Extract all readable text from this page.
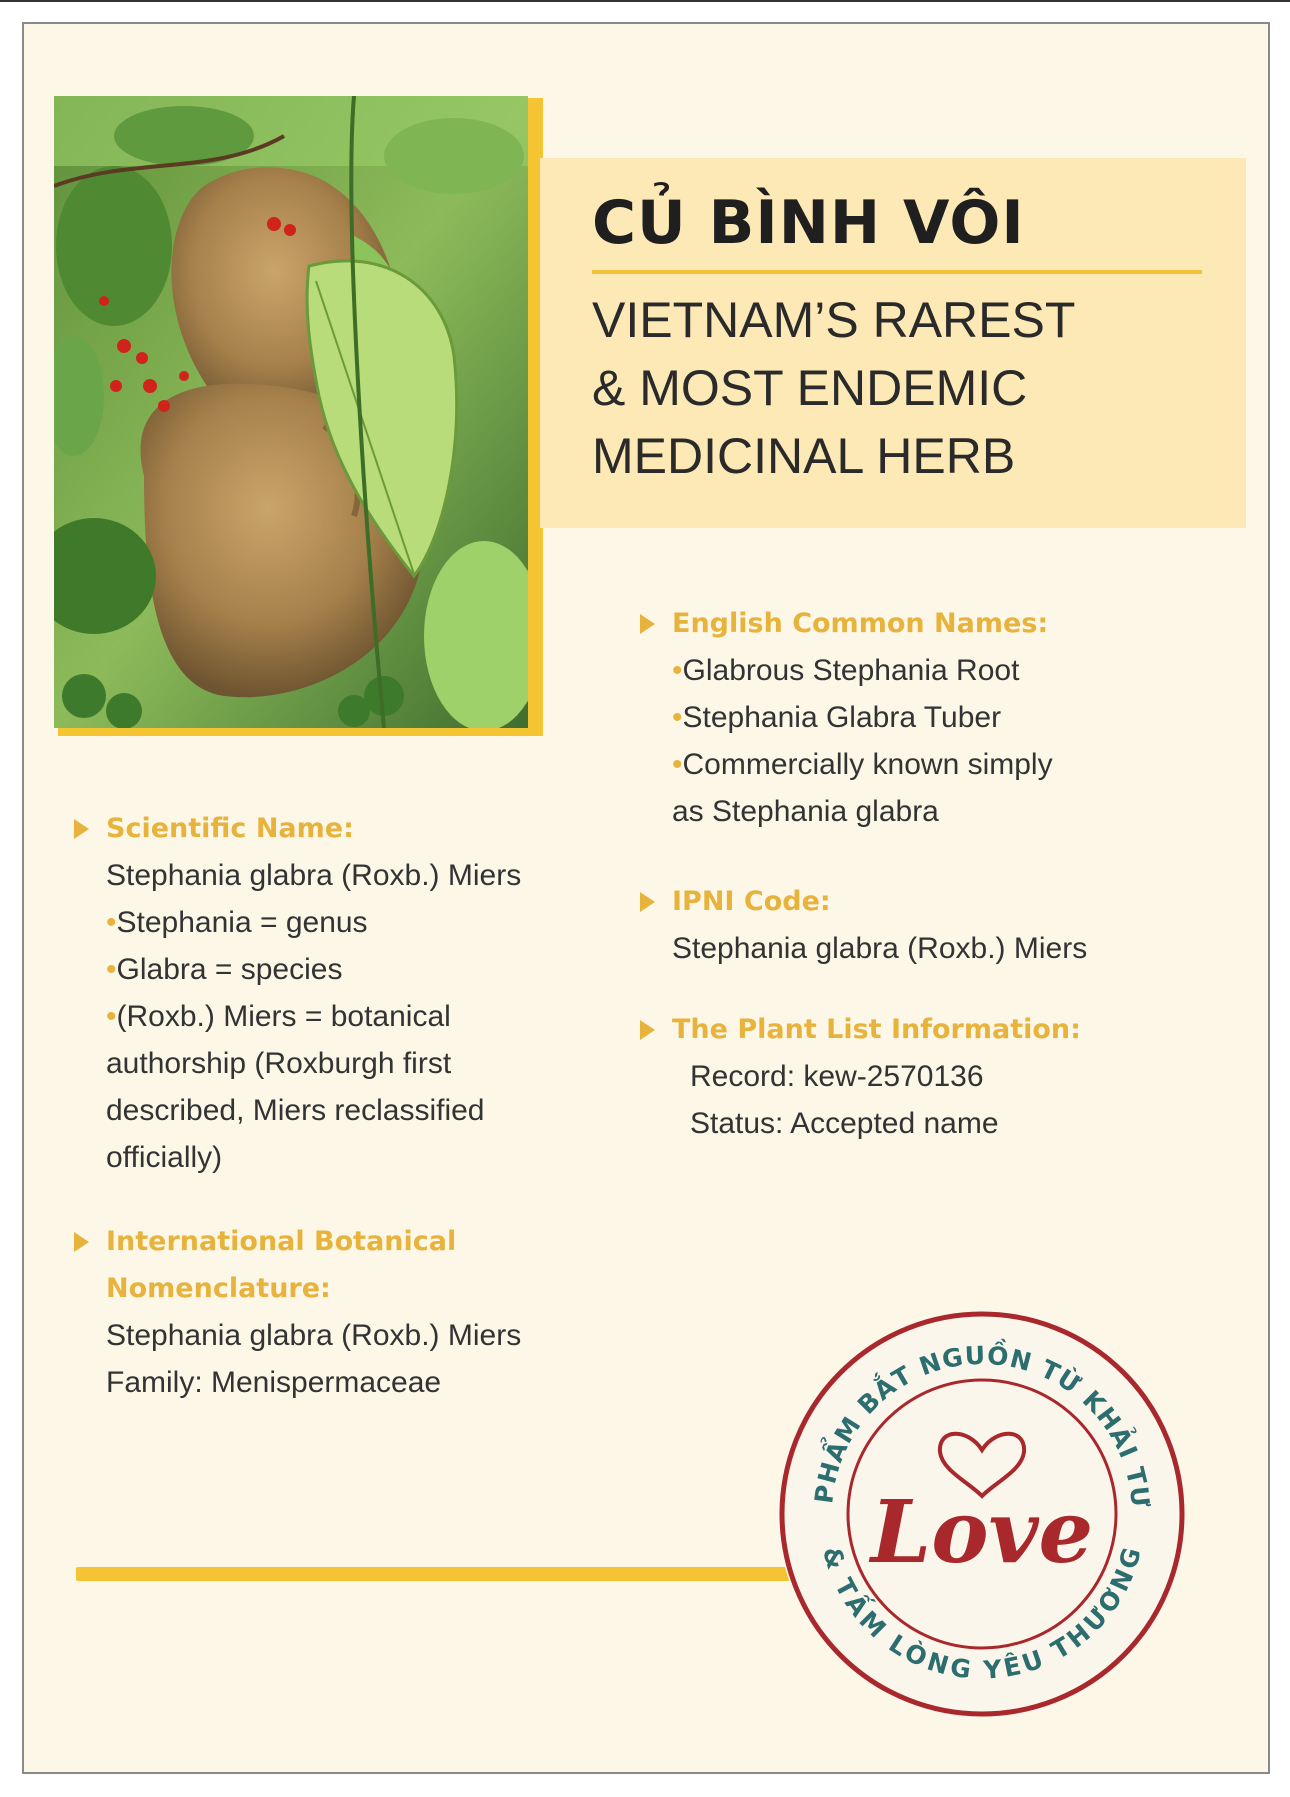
CỦ BÌNH VÔI
VIETNAM’S RAREST
& MOST ENDEMIC
MEDICINAL HERB
Scientific Name:
Stephania glabra (Roxb.) Miers
•Stephania = genus
•Glabra = species
•(Roxb.) Miers = botanical
authorship (Roxburgh first
described, Miers reclassified
officially)
International Botanical
Nomenclature:
Stephania glabra (Roxb.) Miers
Family: Menispermaceae
English Common Names:
•Glabrous Stephania Root
•Stephania Glabra Tuber
•Commercially known simply
as Stephania glabra
IPNI Code:
Stephania glabra (Roxb.) Miers
The Plant List Information:
Record: kew-2570136
Status: Accepted name
PHẨM BẮT NGUỒN TỪ KHẢI TƯ
& TẤM LÒNG YÊU THƯƠNG
Love
